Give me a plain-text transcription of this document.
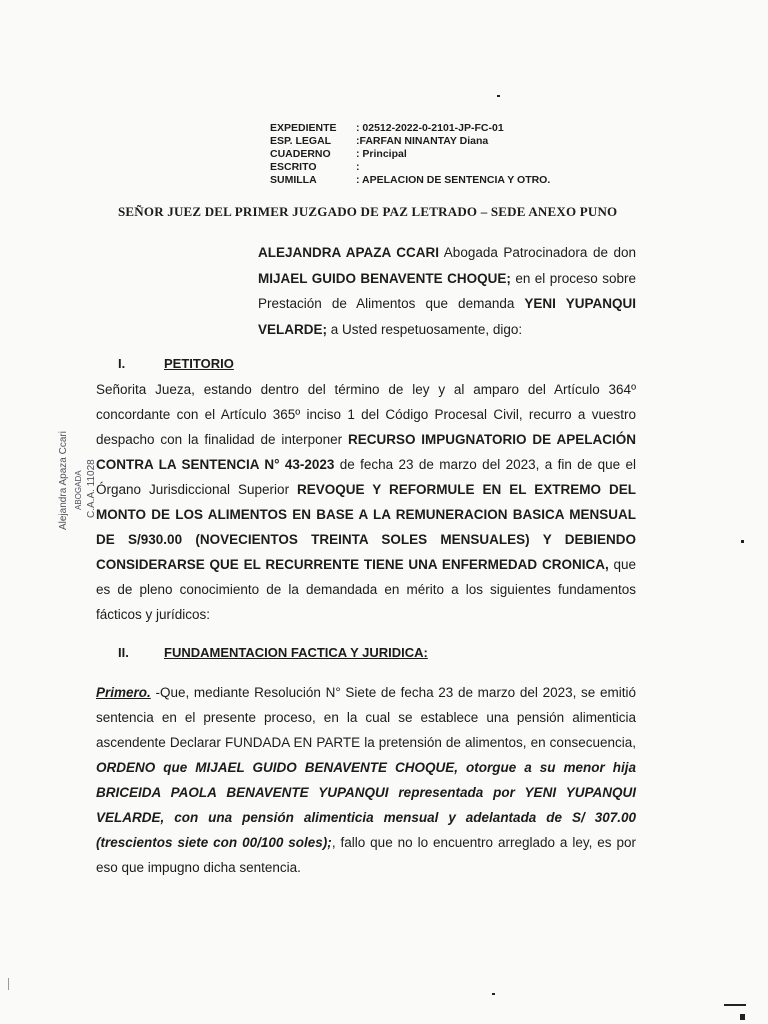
EXPEDIENTE	: 02512-2022-0-2101-JP-FC-01
ESP. LEGAL	:FARFAN NINANTAY Diana
CUADERNO	: Principal
ESCRITO	:
SUMILLA	: APELACION DE SENTENCIA Y OTRO.
SEÑOR JUEZ DEL PRIMER JUZGADO DE PAZ LETRADO – SEDE ANEXO PUNO
ALEJANDRA APAZA CCARI Abogada Patrocinadora de don MIJAEL GUIDO BENAVENTE CHOQUE; en el proceso sobre Prestación de Alimentos que demanda YENI YUPANQUI VELARDE; a Usted respetuosamente, digo:
I.	PETITORIO
Señorita Jueza, estando dentro del término de ley y al amparo del Artículo 364º concordante con el Artículo 365º inciso 1 del Código Procesal Civil, recurro a vuestro despacho con la finalidad de interponer RECURSO IMPUGNATORIO DE APELACIÓN CONTRA LA SENTENCIA N° 43-2023 de fecha 23 de marzo del 2023, a fin de que el Órgano Jurisdiccional Superior REVOQUE Y REFORMULE EN EL EXTREMO DEL MONTO DE LOS ALIMENTOS EN BASE A LA REMUNERACION BASICA MENSUAL DE S/930.00 (NOVECIENTOS TREINTA SOLES MENSUALES) Y DEBIENDO CONSIDERARSE QUE EL RECURRENTE TIENE UNA ENFERMEDAD CRONICA, que es de pleno conocimiento de la demandada en mérito a los siguientes fundamentos fácticos y jurídicos:
II.	FUNDAMENTACION FACTICA Y JURIDICA:
Primero. -Que, mediante Resolución N° Siete de fecha 23 de marzo del 2023, se emitió sentencia en el presente proceso, en la cual se establece una pensión alimenticia ascendente Declarar FUNDADA EN PARTE la pretensión de alimentos, en consecuencia, ORDENO que MIJAEL GUIDO BENAVENTE CHOQUE, otorgue a su menor hija BRICEIDA PAOLA BENAVENTE YUPANQUI representada por YENI YUPANQUI VELARDE, con una pensión alimenticia mensual y adelantada de S/ 307.00 (trescientos siete con 00/100 soles);, fallo que no lo encuentro arreglado a ley, es por eso que impugno dicha sentencia.
Alejandra Apaza Ccari ABOGADA C.A.A. 11028
